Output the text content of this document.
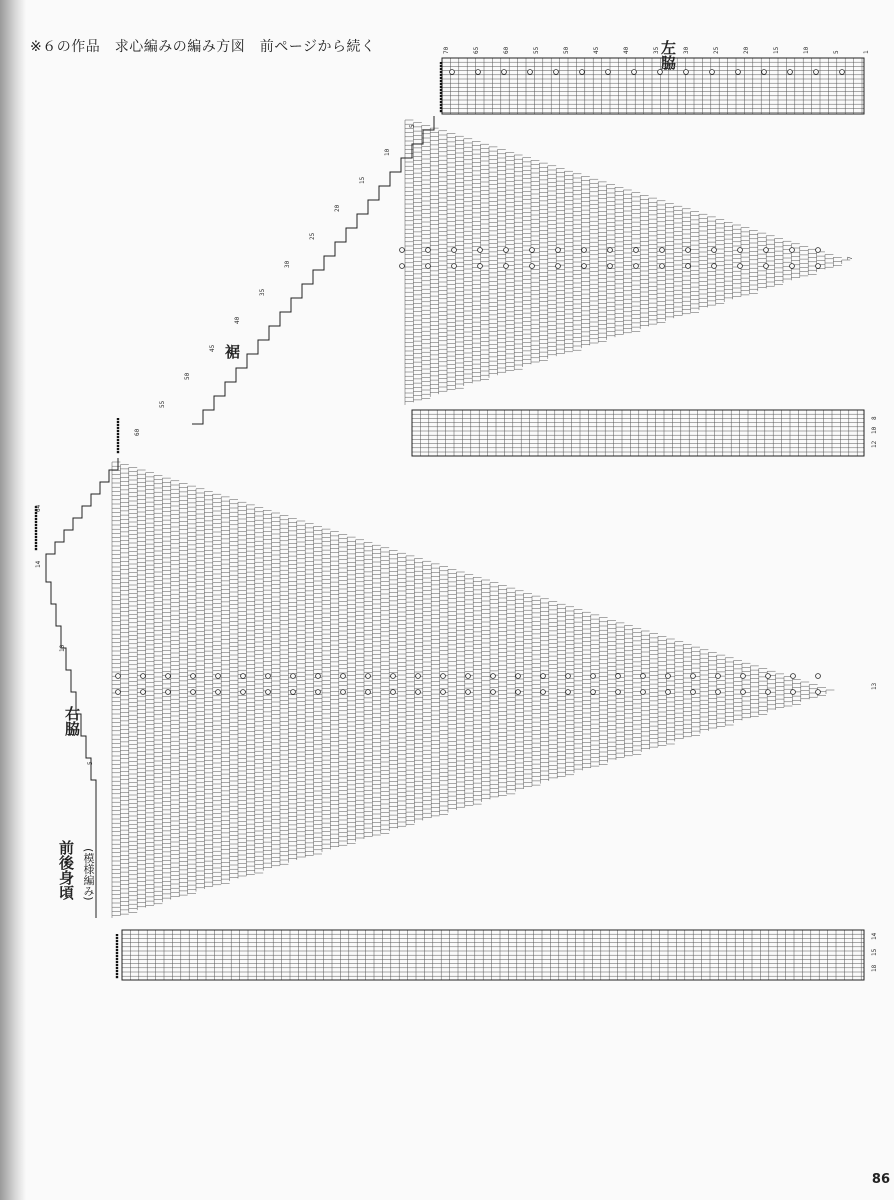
※６の作品　求心編みの編み方図　前ページから続く	左脇
裾
右脇
前後身頃 (模様編み)
86
5
10
15
20
25
30
35
40
45
50
55
60
5
10
14
64
1
5
10
15
20
25
30
35
40
45
50
55
60
65
70
7
8
10
12
13
14
15
18
